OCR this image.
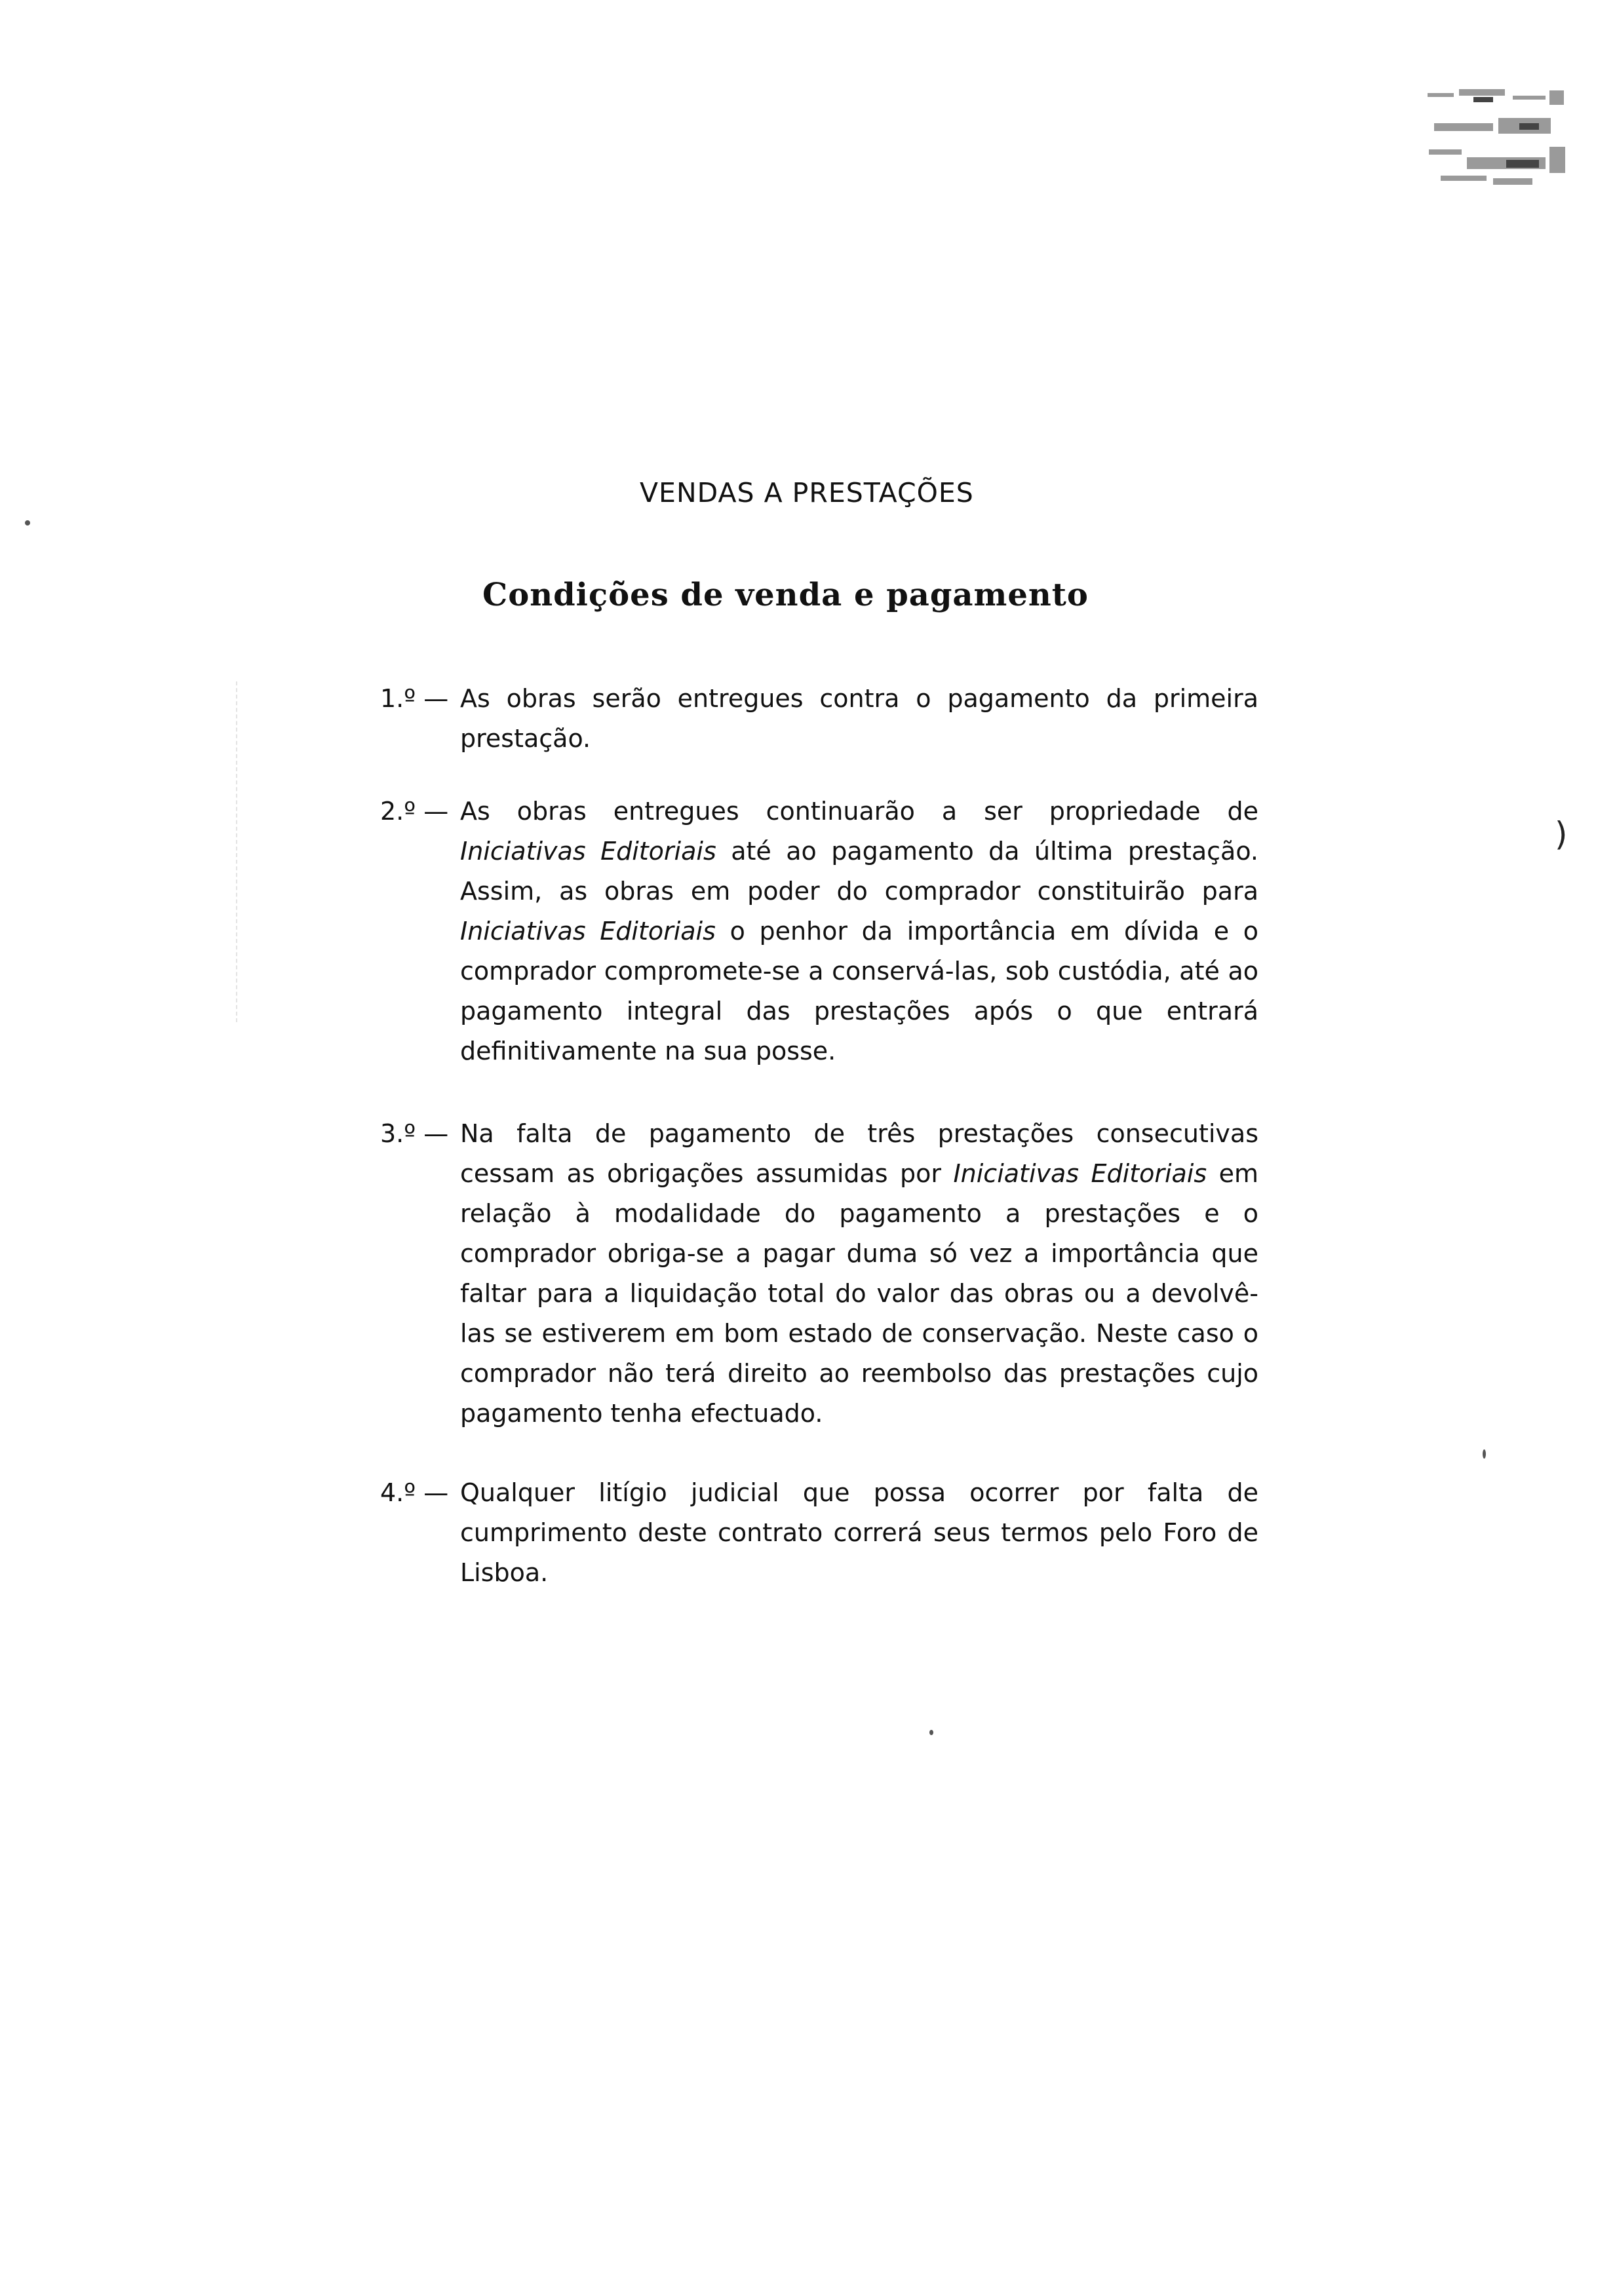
)
VENDAS A PRESTAÇÕES
Condições de venda e pagamento
1.º — As obras serão entregues contra o pagamento da primeira prestação.
2.º — As obras entregues continuarão a ser propriedade de Iniciativas Editoriais até ao pagamento da última prestação. Assim, as obras em poder do comprador constituirão para Iniciativas Editoriais o penhor da importância em dívida e o comprador compromete-se a conservá-las, sob custódia, até ao pagamento integral das prestações após o que entrará definitivamente na sua posse.
3.º — Na falta de pagamento de três prestações consecutivas cessam as obrigações assumidas por Iniciativas Editoriais em relação à modalidade do pagamento a prestações e o comprador obriga-se a pagar duma só vez a importância que faltar para a liquidação total do valor das obras ou a devolvê-las se estiverem em bom estado de conservação. Neste caso o comprador não terá direito ao reembolso das prestações cujo pagamento tenha efectuado.
4.º — Qualquer litígio judicial que possa ocorrer por falta de cumprimento deste contrato correrá seus termos pelo Foro de Lisboa.
